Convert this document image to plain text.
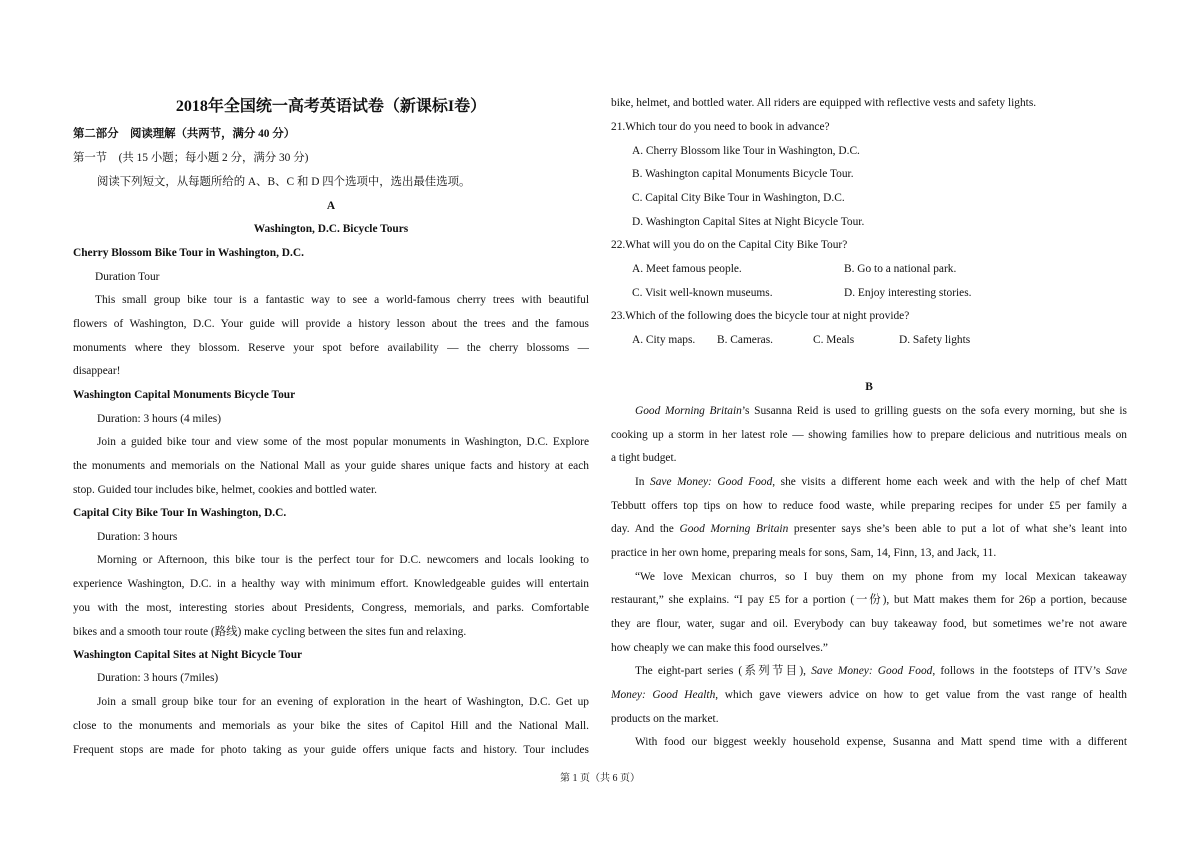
2018年全国统一高考英语试卷（新课标I卷）
第二部分　阅读理解（共两节，满分 40 分）
第一节　(共 15 小题；每小题 2 分，满分 30 分)
阅读下列短文，从每题所给的 A、B、C 和 D 四个选项中，选出最佳选项。
A
Washington, D.C. Bicycle Tours
Cherry Blossom Bike Tour in Washington, D.C.
Duration Tour
This small group bike tour is a fantastic way to see a world-famous cherry trees with beautiful
flowers of Washington, D.C. Your guide will provide a history lesson about the trees and the famous
monuments where they blossom. Reserve your spot before availability — the cherry blossoms —
disappear!
Washington Capital Monuments Bicycle Tour
Duration: 3 hours (4 miles)
Join a guided bike tour and view some of the most popular monuments in Washington, D.C. Explore
the monuments and memorials on the National Mall as your guide shares unique facts and history at each
stop. Guided tour includes bike, helmet, cookies and bottled water.
Capital City Bike Tour In Washington, D.C.
Duration: 3 hours
Morning or Afternoon, this bike tour is the perfect tour for D.C. newcomers and locals looking to
experience Washington, D.C. in a healthy way with minimum effort. Knowledgeable guides will entertain
you with the most, interesting stories about Presidents, Congress, memorials, and parks. Comfortable
bikes and a smooth tour route (路线) make cycling between the sites fun and relaxing.
Washington Capital Sites at Night Bicycle Tour
Duration: 3 hours (7miles)
Join a small group bike tour for an evening of exploration in the heart of Washington, D.C. Get up
close to the monuments and memorials as your bike the sites of Capitol Hill and the National Mall.
Frequent stops are made for photo taking as your guide offers unique facts and history. Tour includes
bike, helmet, and bottled water. All riders are equipped with reflective vests and safety lights.
21.Which tour do you need to book in advance?
A. Cherry Blossom like Tour in Washington, D.C.
B. Washington capital Monuments Bicycle Tour.
C. Capital City Bike Tour in Washington, D.C.
D. Washington Capital Sites at Night Bicycle Tour.
22.What will you do on the Capital City Bike Tour?
A. Meet famous people.	B. Go to a national park.
C. Visit well-known museums.	D. Enjoy interesting stories.
23.Which of the following does the bicycle tour at night provide?
A. City maps. B. Cameras.	C. Meals	D. Safety lights
B
Good Morning Britain’s Susanna Reid is used to grilling guests on the sofa every morning, but she is
cooking up a storm in her latest role — showing families how to prepare delicious and nutritious meals on
a tight budget.
In Save Money: Good Food, she visits a different home each week and with the help of chef Matt
Tebbutt offers top tips on how to reduce food waste, while preparing recipes for under £5 per family a
day. And the Good Morning Britain presenter says she’s been able to put a lot of what she’s leant into
practice in her own home, preparing meals for sons, Sam, 14, Finn, 13, and Jack, 11.
“We love Mexican churros, so I buy them on my phone from my local Mexican takeaway
restaurant,” she explains. “I pay £5 for a portion (一份), but Matt makes them for 26p a portion, because
they are flour, water, sugar and oil. Everybody can buy takeaway food, but sometimes we’re not aware
how cheaply we can make this food ourselves.”
The eight-part series (系列节目), Save Money: Good Food, follows in the footsteps of ITV’s Save
Money: Good Health, which gave viewers advice on how to get value from the vast range of health
products on the market.
With food our biggest weekly household expense, Susanna and Matt spend time with a different
第 1 页（共 6 页）
